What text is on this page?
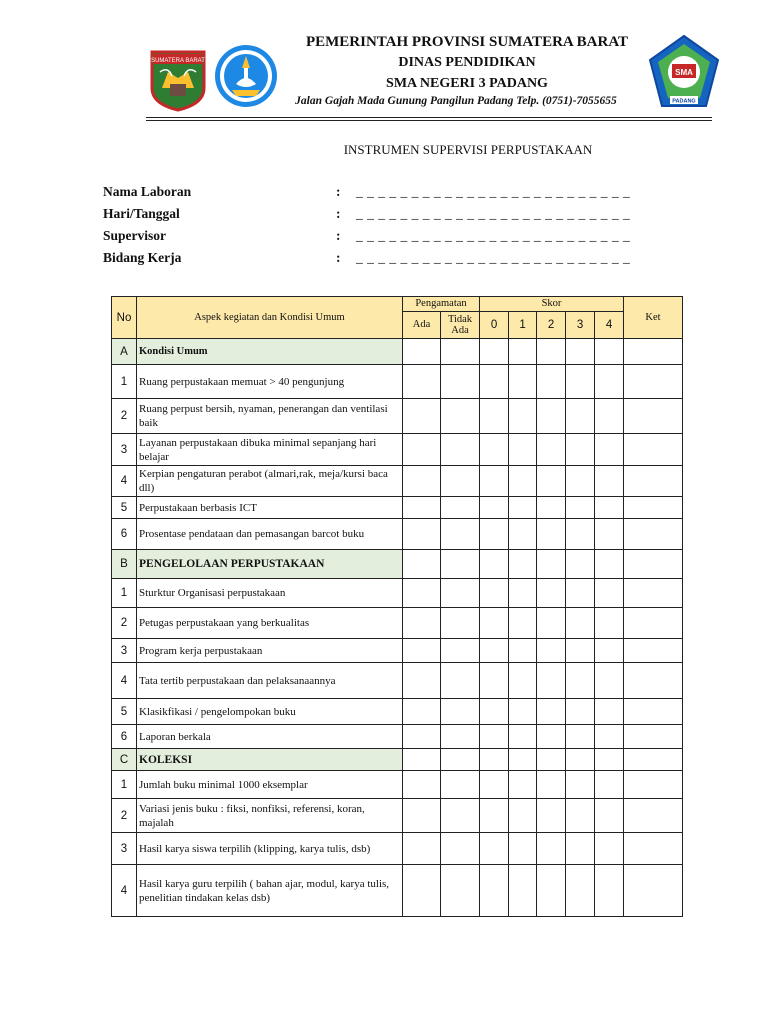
SUMATERA BARAT
PEMERINTAH PROVINSI SUMATERA BARAT
DINAS PENDIDIKAN
SMA NEGERI 3 PADANG
Jalan Gajah Mada Gunung Pangilun Padang Telp. (0751)-7055655
SMA
PADANG
INSTRUMEN SUPERVISI PERPUSTAKAAN
Nama Laboran	: _ _ _ _ _ _ _ _ _ _ _ _ _ _ _ _ _ _ _ _ _ _ _ _ _
Hari/Tanggal	: _ _ _ _ _ _ _ _ _ _ _ _ _ _ _ _ _ _ _ _ _ _ _ _ _
Supervisor	: _ _ _ _ _ _ _ _ _ _ _ _ _ _ _ _ _ _ _ _ _ _ _ _ _
Bidang Kerja	: _ _ _ _ _ _ _ _ _ _ _ _ _ _ _ _ _ _ _ _ _ _ _ _ _
No	Aspek kegiatan dan Kondisi Umum	Pengamatan		Skor					Ket
		Ada	Tidak Ada	0	1	2	3	4	
A	Kondisi Umum								
1	Ruang perpustakaan memuat > 40 pengunjung								
2	Ruang perpust bersih, nyaman, penerangan dan ventilasi baik								
3	Layanan perpustakaan dibuka minimal sepanjang hari belajar								
4	Kerpian pengaturan perabot (almari,rak, meja/kursi baca dll)								
5	Perpustakaan berbasis ICT								
6	Prosentase pendataan dan pemasangan barcot buku								
B	PENGELOLAAN PERPUSTAKAAN								
1	Sturktur Organisasi perpustakaan								
2	Petugas perpustakaan yang berkualitas								
3	Program kerja perpustakaan								
4	Tata tertib perpustakaan dan pelaksanaannya								
5	Klasikfikasi / pengelompokan buku								
6	Laporan berkala								
C	KOLEKSI								
1	Jumlah buku minimal 1000 eksemplar								
2	Variasi jenis buku : fiksi, nonfiksi, referensi, koran, majalah								
3	Hasil karya siswa terpilih (klipping, karya tulis, dsb)								
4	Hasil karya guru terpilih ( bahan ajar, modul, karya tulis, penelitian tindakan kelas dsb)								
